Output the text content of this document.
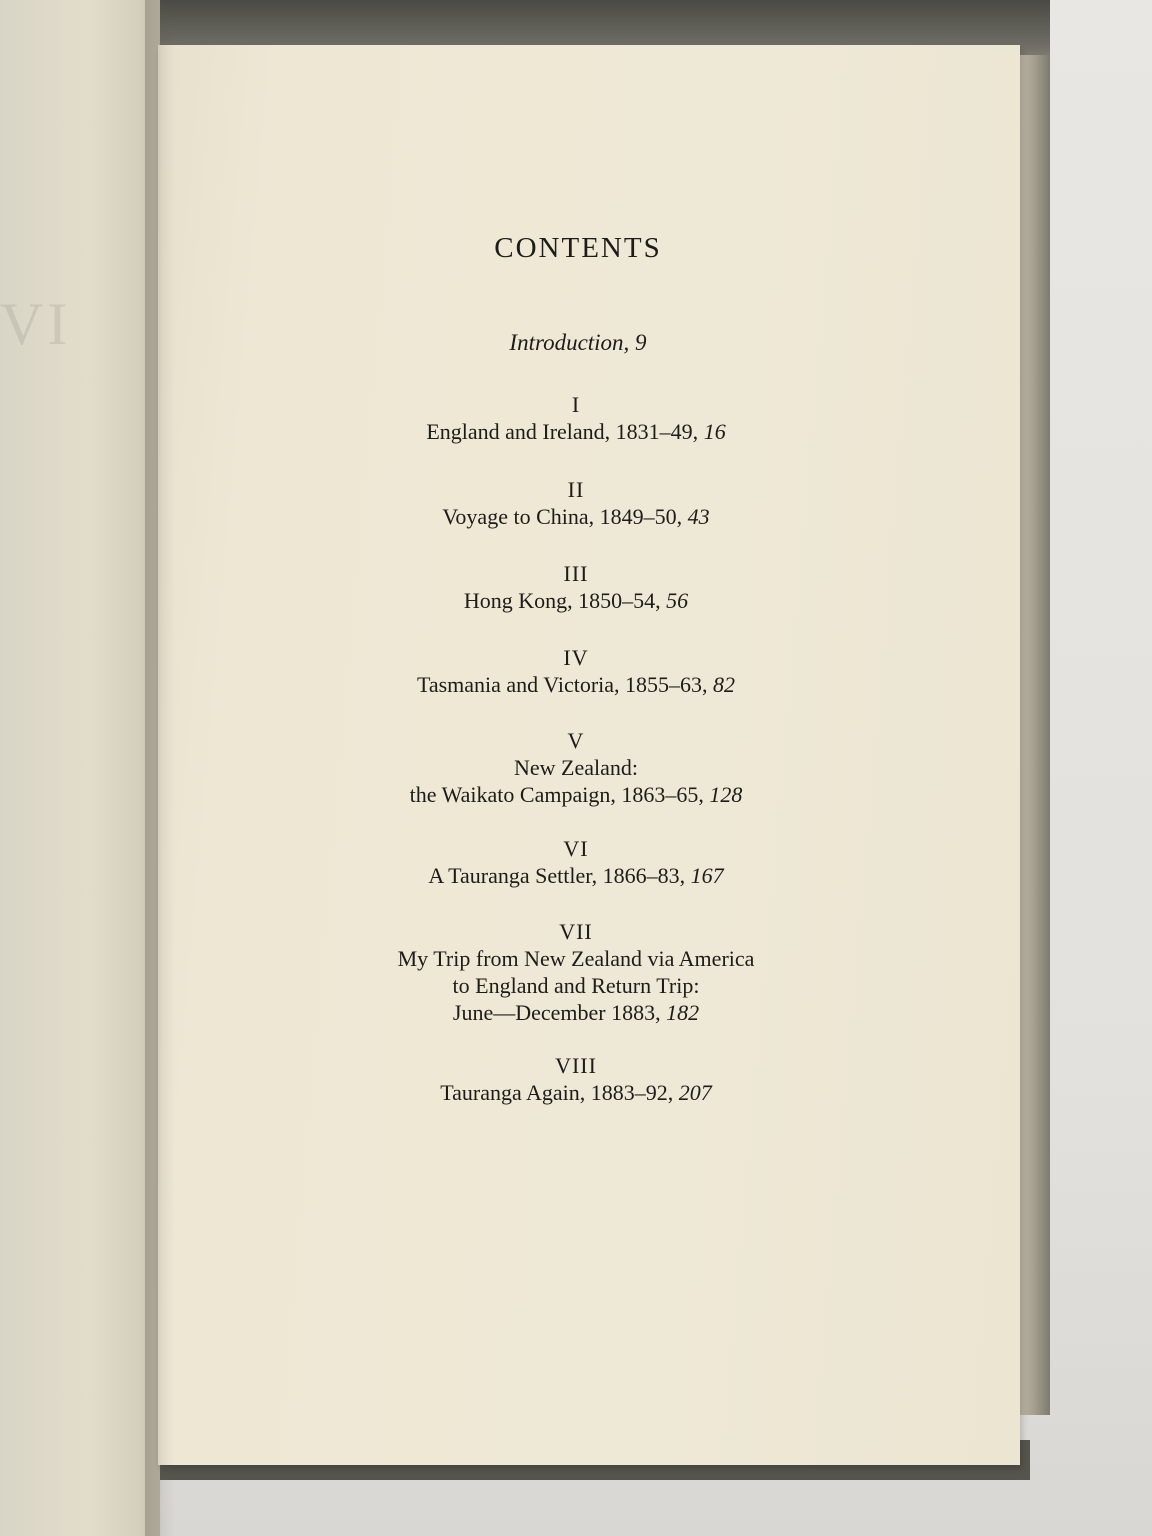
VI
CONTENTS
Introduction, 9
I
England and Ireland, 1831–49, 16
II
Voyage to China, 1849–50, 43
III
Hong Kong, 1850–54, 56
IV
Tasmania and Victoria, 1855–63, 82
V
New Zealand:
the Waikato Campaign, 1863–65, 128
VI
A Tauranga Settler, 1866–83, 167
VII
My Trip from New Zealand via America
to England and Return Trip:
June—December 1883, 182
VIII
Tauranga Again, 1883–92, 207
